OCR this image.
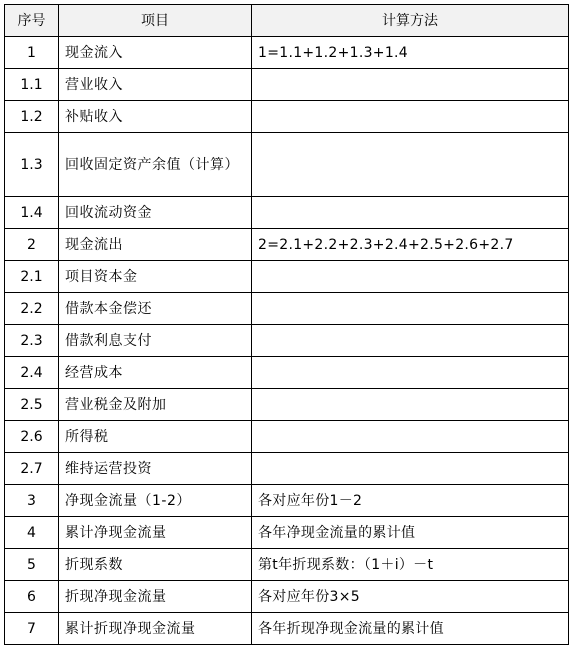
序号	项目	计算方法
1	现金流入	1=1.1+1.2+1.3+1.4
1.1	营业收入	
1.2	补贴收入	
1.3	回收固定资产余值（计算）	
1.4	回收流动资金	
2	现金流出	2=2.1+2.2+2.3+2.4+2.5+2.6+2.7
2.1	项目资本金	
2.2	借款本金偿还	
2.3	借款利息支付	
2.4	经营成本	
2.5	营业税金及附加	
2.6	所得税	
2.7	维持运营投资	
3	净现金流量（1-2）	各对应年份1－2
4	累计净现金流量	各年净现金流量的累计值
5	折现系数	第t年折现系数：（1＋i）－t
6	折现净现金流量	各对应年份3×5
7	累计折现净现金流量	各年折现净现金流量的累计值
